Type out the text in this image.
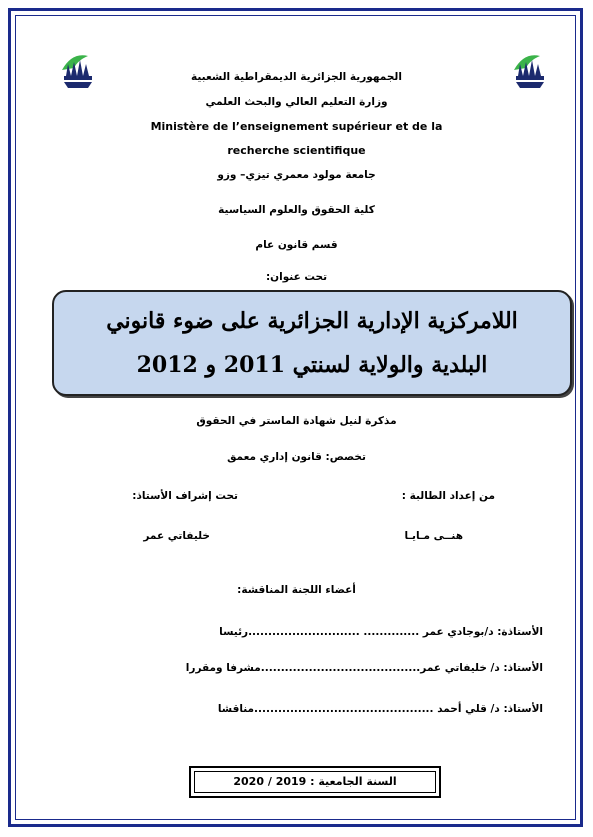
الجمهورية الجزائرية الديمقراطية الشعبية
وزارة التعليم العالي والبحث العلمي
Ministère de l’enseignement supérieur et de la
recherche scientifique
جامعة مولود معمري تيزي– وزو
كلية الحقوق والعلوم السياسية
قسم قانون عام
تحت عنوان:
اللامركزية الإدارية الجزائرية على ضوء قانوني
البلدية والولاية لسنتي 2011 و 2012
مذكرة لنيل شهادة الماستر في الحقوق
تخصص: قانون إداري معمق
من إعداد الطالبة :
تحت إشراف الأستاذ:
هنــى مـايـا
خليفاتي عمر
أعضاء اللجنة المناقشة:
الأستاذة: د/بوجادي عمر .............. ............................رئيسا
الأستاذ: د/ خليفاتي عمر........................................مشرفا ومقررا
الأستاذ: د/ قلي أحمد .............................................مناقشا
السنة الجامعية : 2019 / 2020
